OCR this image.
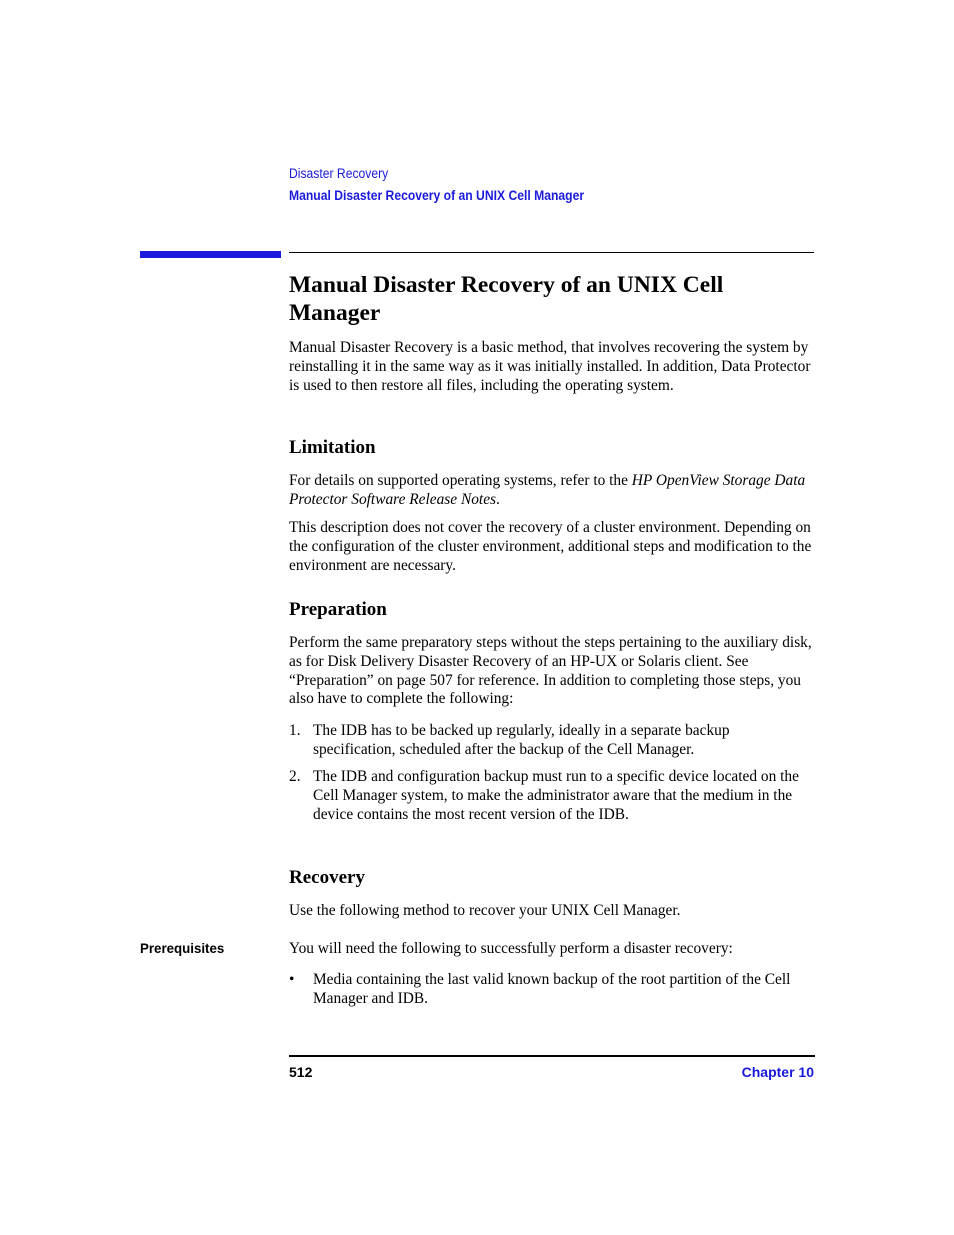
Disaster Recovery
Manual Disaster Recovery of an UNIX Cell Manager
Manual Disaster Recovery of an UNIX Cell
Manager

Manual Disaster Recovery is a basic method, that involves recovering the system by reinstalling it in the same way as it was initially installed. In addition, Data Protector is used to then restore all files, including the operating system.

Limitation

For details on supported operating systems, refer to the HP OpenView Storage Data Protector Software Release Notes.

This description does not cover the recovery of a cluster environment. Depending on the configuration of the cluster environment, additional steps and modification to the environment are necessary.

Preparation

Perform the same preparatory steps without the steps pertaining to the auxiliary disk, as for Disk Delivery Disaster Recovery of an HP-UX or Solaris client. See “Preparation” on page 507 for reference. In addition to completing those steps, you also have to complete the following:

1. The IDB has to be backed up regularly, ideally in a separate backup specification, scheduled after the backup of the Cell Manager.
2. The IDB and configuration backup must run to a specific device located on the Cell Manager system, to make the administrator aware that the medium in the device contains the most recent version of the IDB.
Recovery

Use the following method to recover your UNIX Cell Manager.

Prerequisites	You will need the following to successfully perform a disaster recovery:

• Media containing the last valid known backup of the root partition of the Cell Manager and IDB.
512	Chapter 10
